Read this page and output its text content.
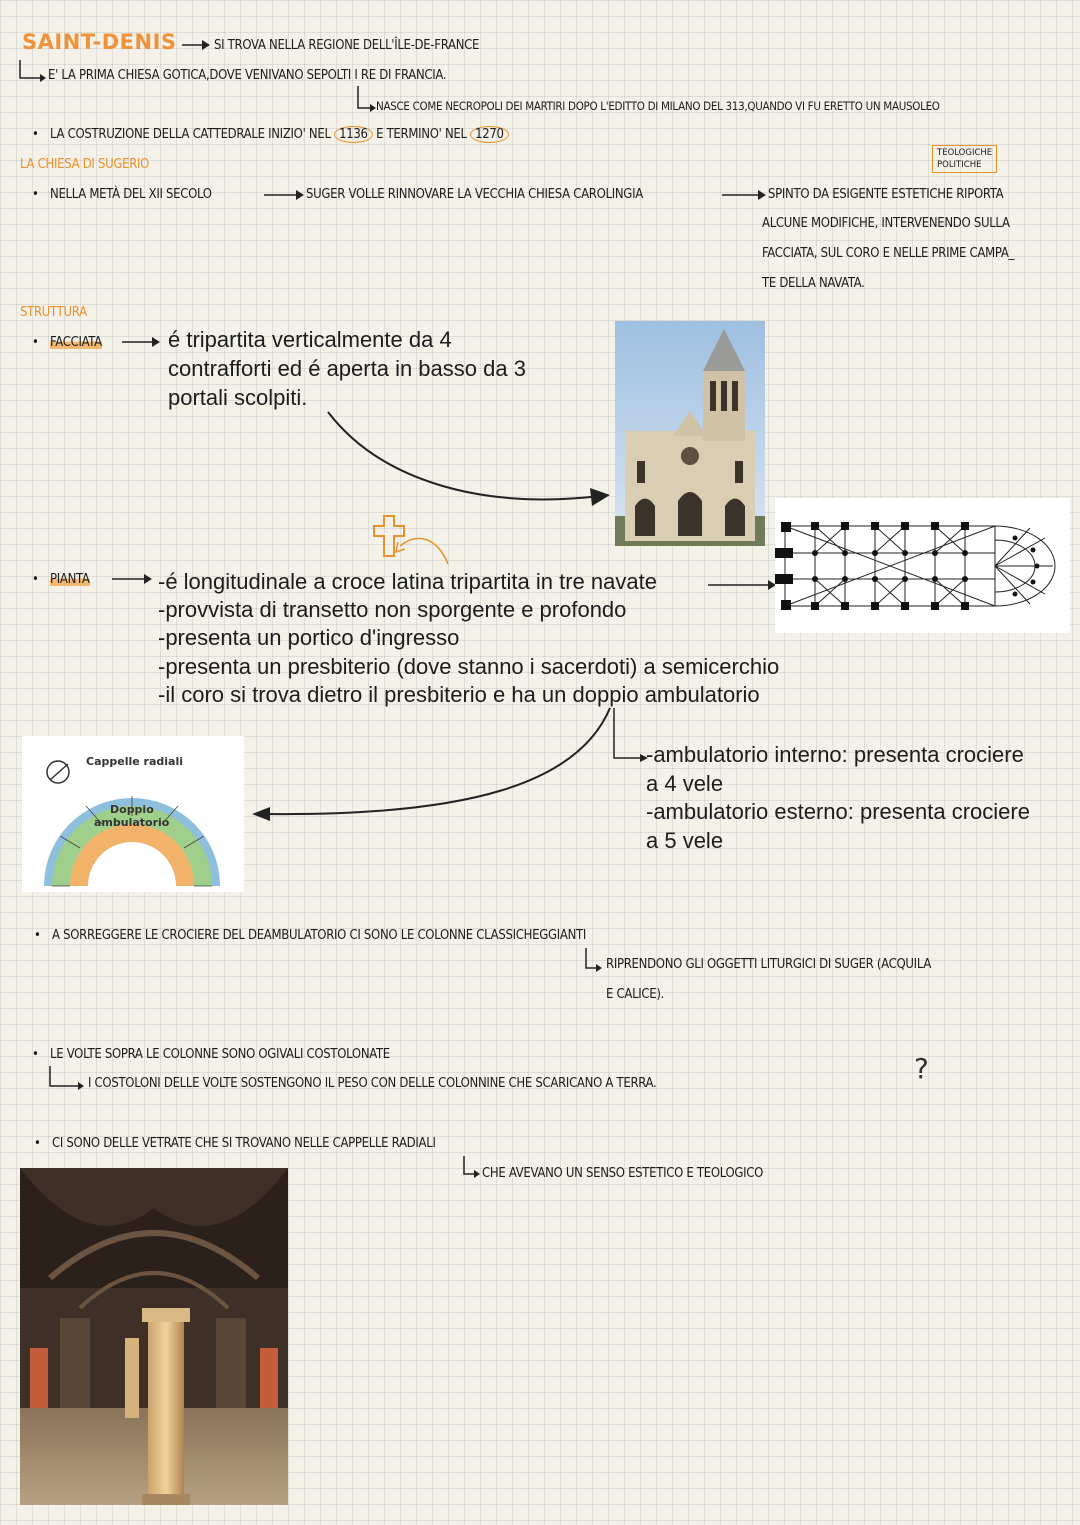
SAINT-DENIS	SI TROVA NELLA REGIONE DELL'ÎLE-DE-FRANCE
E' LA PRIMA CHIESA GOTICA,DOVE VENIVANO SEPOLTI I RE DI FRANCIA.
NASCE COME NECROPOLI DEI MARTIRI DOPO L'EDITTO DI MILANO DEL 313,QUANDO VI FU ERETTO UN MAUSOLEO
• LA COSTRUZIONE DELLA CATTEDRALE INIZIO' NEL 1136 E TERMINO' NEL 1270
LA CHIESA DI SUGERIO
TEOLOGICHE
POLITICHE
• NELLA METÀ DEL XII SECOLO	SUGER VOLLE RINNOVARE LA VECCHIA CHIESA CAROLINGIA	SPINTO DA ESIGENTE ESTETICHE RIPORTA
ALCUNE MODIFICHE, INTERVENENDO SULLA
FACCIATA, SUL CORO E NELLE PRIME CAMPA_
TE DELLA NAVATA.
STRUTTURA
• FACCIATA	é tripartita verticalmente da 4
contrafforti ed é aperta in basso da 3
portali scolpiti.
• PIANTA	-é longitudinale a croce latina tripartita in tre navate
-provvista di transetto non sporgente e profondo
-presenta un portico d'ingresso
-presenta un presbiterio (dove stanno i sacerdoti) a semicerchio
-il coro si trova dietro il presbiterio e ha un doppio ambulatorio
-ambulatorio interno: presenta crociere
a 4 vele
-ambulatorio esterno: presenta crociere
a 5 vele
Cappelle radiali
Doppio
ambulatorio
• A SORREGGERE LE CROCIERE DEL DEAMBULATORIO CI SONO LE COLONNE CLASSICHEGGIANTI
RIPRENDONO GLI OGGETTI LITURGICI DI SUGER (ACQUILA
E CALICE).
• LE VOLTE SOPRA LE COLONNE SONO OGIVALI COSTOLONATE
I COSTOLONI DELLE VOLTE SOSTENGONO IL PESO CON DELLE COLONNINE CHE SCARICANO A TERRA.	?
• CI SONO DELLE VETRATE CHE SI TROVANO NELLE CAPPELLE RADIALI
CHE AVEVANO UN SENSO ESTETICO E TEOLOGICO
